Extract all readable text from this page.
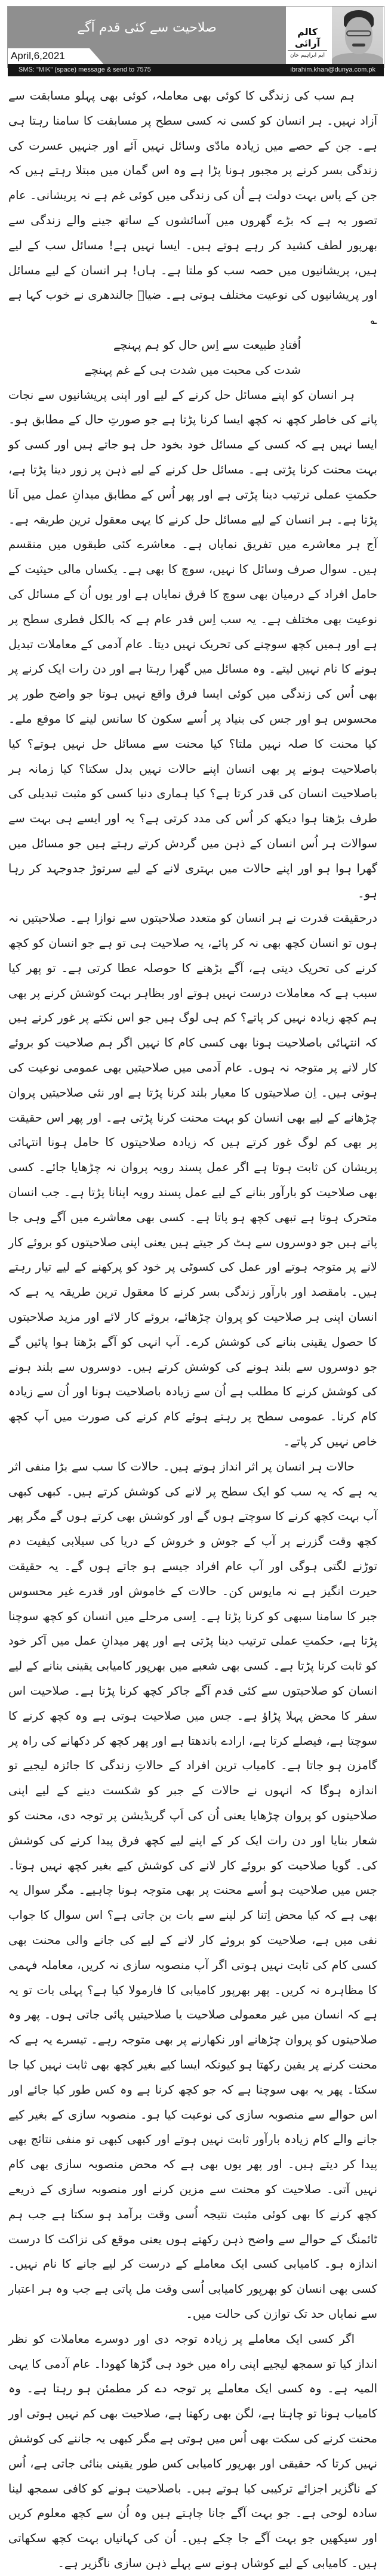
صلاحیت سے کئی قدم آگے
April,6,2021
کالم آرائی
ایم ابراہیم خان
SMS: "MIK" (space) message & send to 7575	ibrahim.khan@dunya.com.pk

ہم سب کی زندگی کا کوئی بھی معاملہ، کوئی بھی پہلو مسابقت سے آزاد نہیں۔ ہر انسان کو کسی نہ کسی سطح پر مسابقت کا سامنا رہتا ہی ہے۔ جن کے حصے میں زیادہ مادّی وسائل نہیں آئے اور جنہیں عسرت کی زندگی بسر کرنے پر مجبور ہونا پڑا ہے وہ اس گمان میں مبتلا رہتے ہیں کہ جن کے پاس بہت دولت ہے اُن کی زندگی میں کوئی غم ہے نہ پریشانی۔ عام تصور یہ ہے کہ بڑے گھروں میں آسائشوں کے ساتھ جینے والے زندگی سے بھرپور لطف کشید کر رہے ہوتے ہیں۔ ایسا نہیں ہے! مسائل سب کے لیے ہیں، پریشانیوں میں حصہ سب کو ملتا ہے۔ ہاں! ہر انسان کے لیے مسائل اور پریشانیوں کی نوعیت مختلف ہوتی ہے۔ ضیاؔ جالندھری نے خوب کہا ہے ؎

اُفتادِ طبیعت سے اِس حال کو ہم پہنچے

شدت کی محبت میں شدت ہی کے غم پہنچے

ہر انسان کو اپنے مسائل حل کرنے کے لیے اور اپنی پریشانیوں سے نجات پانے کی خاطر کچھ نہ کچھ ایسا کرنا پڑتا ہے جو صورتِ حال کے مطابق ہو۔ ایسا نہیں ہے کہ کسی کے مسائل خود بخود حل ہو جاتے ہیں اور کسی کو بہت محنت کرنا پڑتی ہے۔ مسائل حل کرنے کے لیے ذہن پر زور دینا پڑتا ہے، حکمتِ عملی ترتیب دینا پڑتی ہے اور پھر اُس کے مطابق میدانِ عمل میں آنا پڑتا ہے۔ ہر انسان کے لیے مسائل حل کرنے کا یہی معقول ترین طریقہ ہے۔ آج ہر معاشرے میں تفریق نمایاں ہے۔ معاشرے کئی طبقوں میں منقسم ہیں۔ سوال صرف وسائل کا نہیں، سوچ کا بھی ہے۔ یکساں مالی حیثیت کے حامل افراد کے درمیان بھی سوچ کا فرق نمایاں ہے اور یوں اُن کے مسائل کی نوعیت بھی مختلف ہے۔ یہ سب اِس قدر عام ہے کہ بالکل فطری سطح پر ہے اور ہمیں کچھ سوچنے کی تحریک نہیں دیتا۔ عام آدمی کے معاملات تبدیل ہونے کا نام نہیں لیتے۔ وہ مسائل میں گھرا رہتا ہے اور دن رات ایک کرنے پر بھی اُس کی زندگی میں کوئی ایسا فرق واقع نہیں ہوتا جو واضح طور پر محسوس ہو اور جس کی بنیاد پر اُسے سکون کا سانس لینے کا موقع ملے۔ کیا محنت کا صلہ نہیں ملتا؟ کیا محنت سے مسائل حل نہیں ہوتے؟ کیا باصلاحیت ہونے پر بھی انسان اپنے حالات نہیں بدل سکتا؟ کیا زمانہ ہر باصلاحیت انسان کی قدر کرتا ہے؟ کیا ہماری دنیا کسی کو مثبت تبدیلی کی طرف بڑھتا ہوا دیکھ کر اُس کی مدد کرتی ہے؟ یہ اور ایسے ہی بہت سے سوالات ہر اُس انسان کے ذہن میں گردش کرتے رہتے ہیں جو مسائل میں گھرا ہوا ہو اور اپنے حالات میں بہتری لانے کے لیے سرتوڑ جدوجہد کر رہا ہو۔

درحقیقت قدرت نے ہر انسان کو متعدد صلاحیتوں سے نوازا ہے۔ صلاحیتیں نہ ہوں تو انسان کچھ بھی نہ کر پائے، یہ صلاحیت ہی تو ہے جو انسان کو کچھ کرنے کی تحریک دیتی ہے، آگے بڑھنے کا حوصلہ عطا کرتی ہے۔ تو پھر کیا سبب ہے کہ معاملات درست نہیں ہوتے اور بظاہر بہت کوشش کرنے پر بھی ہم کچھ زیادہ نہیں کر پاتے؟ کم ہی لوگ ہیں جو اس نکتے پر غور کرتے ہیں کہ انتہائی باصلاحیت ہونا بھی کسی کام کا نہیں اگر ہم صلاحیت کو بروئے کار لانے پر متوجہ نہ ہوں۔ عام آدمی میں صلاحیتیں بھی عمومی نوعیت کی ہوتی ہیں۔ اِن صلاحیتوں کا معیار بلند کرنا پڑتا ہے اور نئی صلاحیتیں پروان چڑھانے کے لیے بھی انسان کو بہت محنت کرنا پڑتی ہے۔ اور پھر اس حقیقت پر بھی کم لوگ غور کرتے ہیں کہ زیادہ صلاحیتوں کا حامل ہونا انتہائی پریشان کن ثابت ہوتا ہے اگر عمل پسند رویہ پروان نہ چڑھایا جائے۔ کسی بھی صلاحیت کو بارآور بنانے کے لیے عمل پسند رویہ اپنانا پڑتا ہے۔ جب انسان متحرک ہوتا ہے تبھی کچھ ہو پاتا ہے۔ کسی بھی معاشرے میں آگے وہی جا پاتے ہیں جو دوسروں سے ہٹ کر جیتے ہیں یعنی اپنی صلاحیتوں کو بروئے کار لانے پر متوجہ ہوتے اور عمل کی کسوٹی پر خود کو پرکھنے کے لیے تیار رہتے ہیں۔ بامقصد اور بارآور زندگی بسر کرنے کا معقول ترین طریقہ یہ ہے کہ انسان اپنی ہر صلاحیت کو پروان چڑھائے، بروئے کار لائے اور مزید صلاحیتوں کا حصول یقینی بنانے کی کوشش کرے۔ آپ انہی کو آگے بڑھتا ہوا پائیں گے جو دوسروں سے بلند ہونے کی کوشش کرتے ہیں۔ دوسروں سے بلند ہونے کی کوشش کرنے کا مطلب ہے اُن سے زیادہ باصلاحیت ہونا اور اُن سے زیادہ کام کرنا۔ عمومی سطح پر رہتے ہوئے کام کرنے کی صورت میں آپ کچھ خاص نہیں کر پاتے۔

حالات ہر انسان پر اثر انداز ہوتے ہیں۔ حالات کا سب سے بڑا منفی اثر یہ ہے کہ یہ سب کو ایک سطح پر لانے کی کوشش کرتے ہیں۔ کبھی کبھی آپ بہت کچھ کرنے کا سوچتے ہوں گے اور کوشش بھی کرتے ہوں گے مگر پھر کچھ وقت گزرنے پر آپ کے جوش و خروش کے دریا کی سیلابی کیفیت دم توڑنے لگتی ہوگی اور آپ عام افراد جیسے ہو جاتے ہوں گے۔ یہ حقیقت حیرت انگیز ہے نہ مایوس کن۔ حالات کے خاموش اور قدرے غیر محسوس جبر کا سامنا سبھی کو کرنا پڑتا ہے۔ اِسی مرحلے میں انسان کو کچھ سوچنا پڑتا ہے، حکمتِ عملی ترتیب دینا پڑتی ہے اور پھر میدانِ عمل میں آکر خود کو ثابت کرنا پڑتا ہے۔ کسی بھی شعبے میں بھرپور کامیابی یقینی بنانے کے لیے انسان کو صلاحیتوں سے کئی قدم آگے جاکر کچھ کرنا پڑتا ہے۔ صلاحیت اس سفر کا محض پہلا پڑاؤ ہے۔ جس میں صلاحیت ہوتی ہے وہ کچھ کرنے کا سوچتا ہے، فیصلے کرتا ہے، ارادے باندھتا ہے اور پھر کچھ کر دکھانے کی راہ پر گامزن ہو جاتا ہے۔ کامیاب ترین افراد کے حالاتِ زندگی کا جائزہ لیجیے تو اندازہ ہوگا کہ انہوں نے حالات کے جبر کو شکست دینے کے لیے اپنی صلاحیتوں کو پروان چڑھایا یعنی اُن کی اَپ گریڈیشن پر توجہ دی، محنت کو شعار بنایا اور دن رات ایک کر کے اپنے لیے کچھ فرق پیدا کرنے کی کوشش کی۔ گویا صلاحیت کو بروئے کار لانے کی کوشش کیے بغیر کچھ نہیں ہوتا۔ جس میں صلاحیت ہو اُسے محنت پر بھی متوجہ ہونا چاہیے۔ مگر سوال یہ بھی ہے کہ کیا محض اِتنا کر لینے سے بات بن جاتی ہے؟ اس سوال کا جواب نفی میں ہے، صلاحیت کو بروئے کار لانے کے لیے کی جانے والی محنت بھی کسی کام کی ثابت نہیں ہوتی اگر آپ منصوبہ سازی نہ کریں، معاملہ فہمی کا مظاہرہ نہ کریں۔ پھر بھرپور کامیابی کا فارمولا کیا ہے؟ پہلی بات تو یہ ہے کہ انسان میں غیر معمولی صلاحیت یا صلاحیتیں پائی جاتی ہوں۔ پھر وہ صلاحیتوں کو پروان چڑھانے اور نکھارنے پر بھی متوجہ رہے۔ تیسرے یہ ہے کہ محنت کرنے پر یقین رکھتا ہو کیونکہ ایسا کیے بغیر کچھ بھی ثابت نہیں کیا جا سکتا۔ پھر یہ بھی سوچنا ہے کہ جو کچھ کرنا ہے وہ کس طور کیا جائے اور اس حوالے سے منصوبہ سازی کی نوعیت کیا ہو۔ منصوبہ سازی کے بغیر کیے جانے والے کام زیادہ بارآور ثابت نہیں ہوتے اور کبھی کبھی تو منفی نتائج بھی پیدا کر دیتے ہیں۔ اور پھر یوں بھی ہے کہ محض منصوبہ سازی بھی کام نہیں آتی۔ صلاحیت کو محنت سے مزین کرنے اور منصوبہ سازی کے ذریعے کچھ کرنے کا بھی کوئی مثبت نتیجہ اُسی وقت برآمد ہو سکتا ہے جب ہم ٹائمنگ کے حوالے سے واضح ذہن رکھتے ہوں یعنی موقع کی نزاکت کا درست اندازہ ہو۔ کامیابی کسی ایک معاملے کے درست کر لیے جانے کا نام نہیں۔ کسی بھی انسان کو بھرپور کامیابی اُسی وقت مل پاتی ہے جب وہ ہر اعتبار سے نمایاں حد تک توازن کی حالت میں۔

اگر کسی ایک معاملے پر زیادہ توجہ دی اور دوسرے معاملات کو نظر انداز کیا تو سمجھ لیجیے اپنی راہ میں خود ہی گڑھا کھودا۔ عام آدمی کا یہی المیہ ہے۔ وہ کسی ایک معاملے پر توجہ دے کر مطمئن ہو رہتا ہے۔ وہ کامیاب ہونا تو چاہتا ہے، لگن بھی رکھتا ہے، صلاحیت بھی کم نہیں ہوتی اور محنت کرنے کی سکت بھی اُس میں ہوتی ہے مگر کبھی یہ جاننے کی کوشش نہیں کرتا کہ حقیقی اور بھرپور کامیابی کس طور یقینی بنائی جاتی ہے، اُس کے ناگزیر اجزائے ترکیبی کیا ہوتے ہیں۔ باصلاحیت ہونے کو کافی سمجھ لینا سادہ لوحی ہے۔ جو بہت آگے جانا چاہتے ہیں وہ اُن سے کچھ معلوم کریں اور سیکھیں جو بہت آگے جا چکے ہیں۔ اُن کی کہانیاں بہت کچھ سکھاتی ہیں۔ کامیابی کے لیے کوشاں ہونے سے پہلے ذہن سازی ناگزیر ہے۔
